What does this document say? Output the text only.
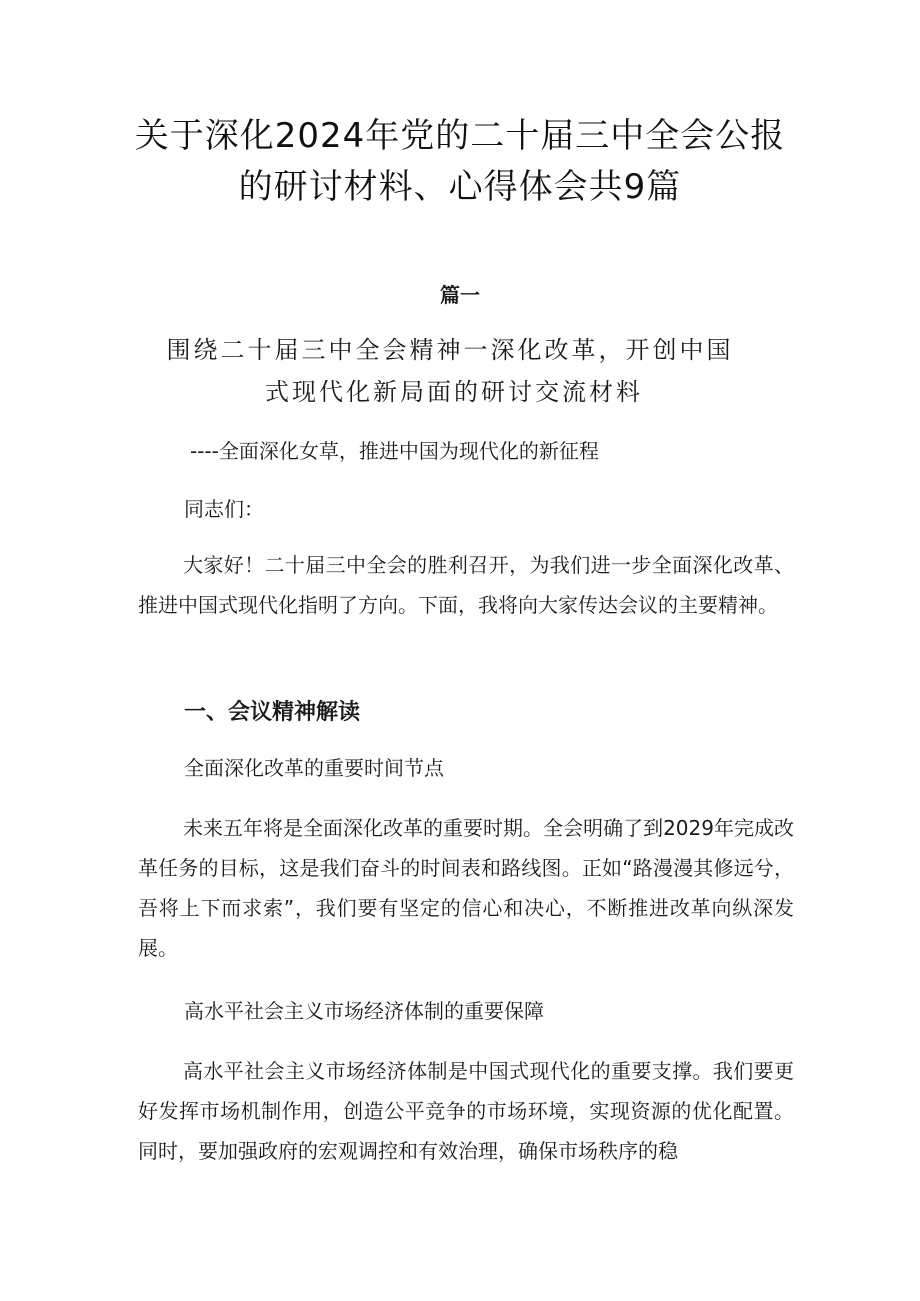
关于深化2024年党的二十届三中全会公报
的研讨材料、心得体会共9篇
篇一
围绕二十届三中全会精神一深化改革，开创中国
式现代化新局面的研讨交流材料
----全面深化女草，推进中国为现代化的新征程
同志们：
大家好！二十届三中全会的胜利召开，为我们进一步全面深化改革、推进中国式现代化指明了方向。下面，我将向大家传达会议的主要精神。
一、会议精神解读
全面深化改革的重要时间节点
未来五年将是全面深化改革的重要时期。全会明确了到2029年完成改革任务的目标，这是我们奋斗的时间表和路线图。正如“路漫漫其修远兮，吾将上下而求索”，我们要有坚定的信心和决心，不断推进改革向纵深发展。
高水平社会主义市场经济体制的重要保障
高水平社会主义市场经济体制是中国式现代化的重要支撑。我们要更好发挥市场机制作用，创造公平竞争的市场环境，实现资源的优化配置。同时，要加强政府的宏观调控和有效治理，确保市场秩序的稳
